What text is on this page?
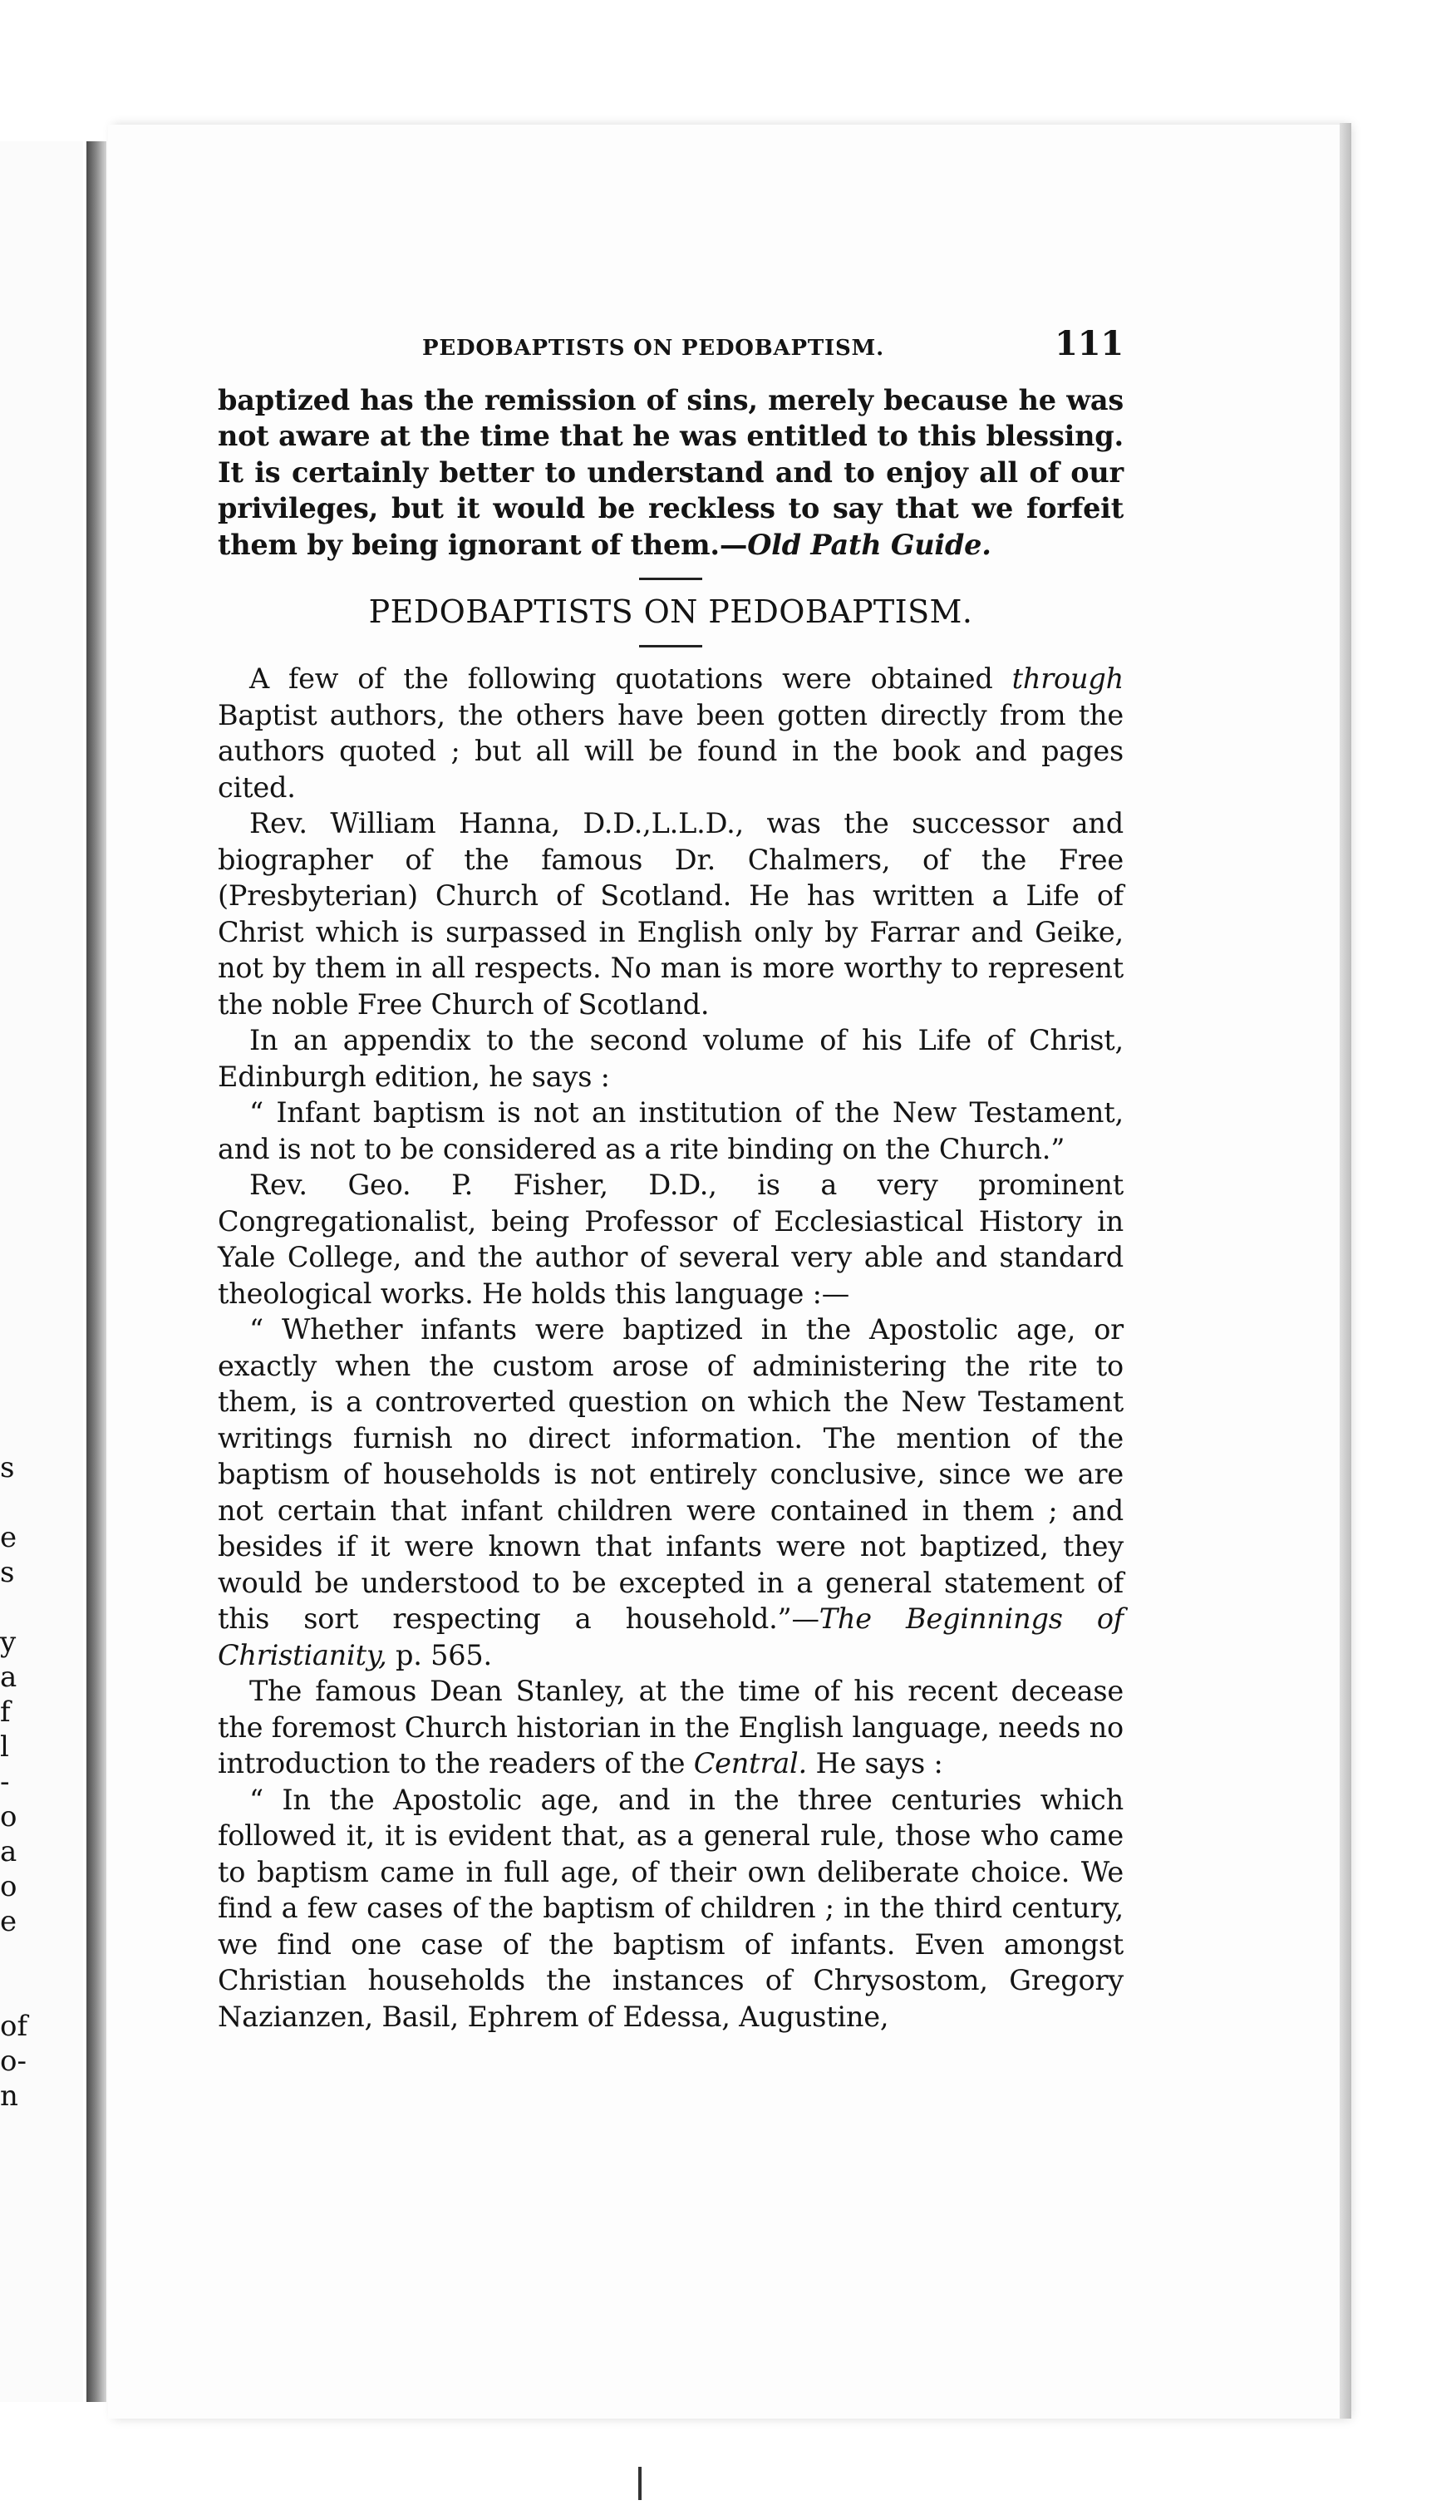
s
e
s
y
a
f
l
-
o
a
o
e
of
o-
n
PEDOBAPTISTS ON PEDOBAPTISM.	111

baptized has the remission of sins, merely because he was not aware at the time that he was entitled to this blessing. It is certainly better to understand and to enjoy all of our privileges, but it would be reckless to say that we forfeit them by being ignorant of them.—Old Path Guide.

PEDOBAPTISTS ON PEDOBAPTISM.

A few of the following quotations were obtained through Baptist authors, the others have been gotten directly from the authors quoted ; but all will be found in the book and pages cited.

Rev. William Hanna, D.D.,L.L.D., was the successor and biographer of the famous Dr. Chalmers, of the Free (Presbyterian) Church of Scotland. He has written a Life of Christ which is surpassed in English only by Farrar and Geike, not by them in all respects. No man is more worthy to represent the noble Free Church of Scotland.

In an appendix to the second volume of his Life of Christ, Edinburgh edition, he says :

“ Infant baptism is not an institution of the New Testament, and is not to be considered as a rite binding on the Church.”

Rev. Geo. P. Fisher, D.D., is a very prominent Congregationalist, being Professor of Ecclesiastical History in Yale College, and the author of several very able and standard theological works. He holds this language :—

“ Whether infants were baptized in the Apostolic age, or exactly when the custom arose of administering the rite to them, is a controverted question on which the New Testament writings furnish no direct information. The mention of the baptism of households is not entirely conclusive, since we are not certain that infant children were contained in them ; and besides if it were known that infants were not baptized, they would be understood to be excepted in a general statement of this sort respecting a household.”—The Beginnings of Christianity, p. 565.

The famous Dean Stanley, at the time of his recent decease the foremost Church historian in the English language, needs no introduction to the readers of the Central. He says :

“ In the Apostolic age, and in the three centuries which followed it, it is evident that, as a general rule, those who came to baptism came in full age, of their own deliberate choice. We find a few cases of the baptism of children ; in the third century, we find one case of the baptism of infants. Even amongst Christian households the instances of Chrysostom, Gregory Nazianzen, Basil, Ephrem of Edessa, Augustine,
